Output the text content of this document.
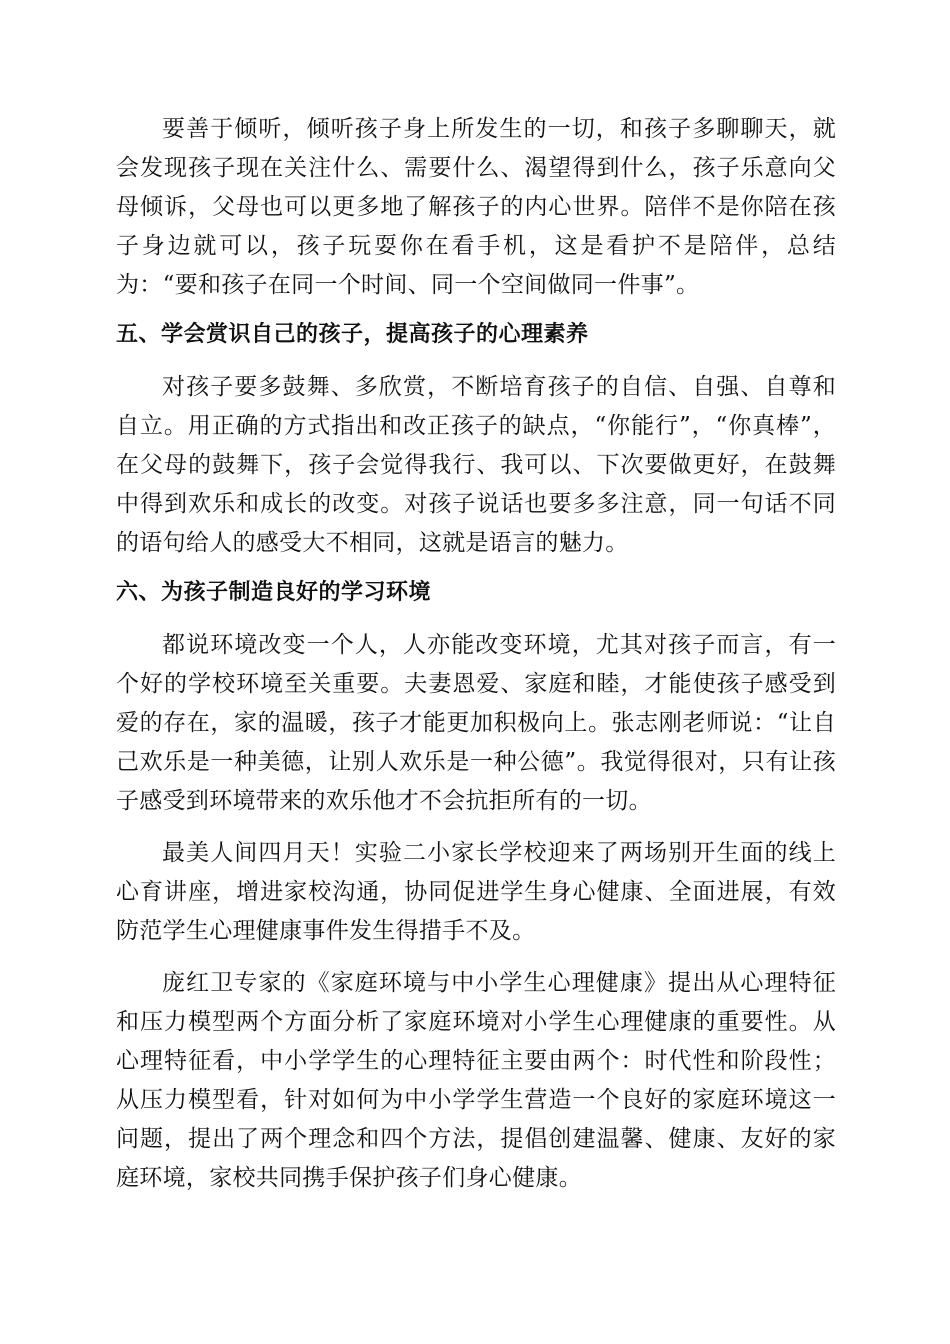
要善于倾听，倾听孩子身上所发生的一切，和孩子多聊聊天，就会发现孩子现在关注什么、需要什么、渴望得到什么，孩子乐意向父母倾诉，父母也可以更多地了解孩子的内心世界。陪伴不是你陪在孩子身边就可以，孩子玩耍你在看手机，这是看护不是陪伴，总结为：“要和孩子在同一个时间、同一个空间做同一件事”。

五、学会赏识自己的孩子，提高孩子的心理素养

对孩子要多鼓舞、多欣赏，不断培育孩子的自信、自强、自尊和自立。用正确的方式指出和改正孩子的缺点，“你能行”，“你真棒”，在父母的鼓舞下，孩子会觉得我行、我可以、下次要做更好，在鼓舞中得到欢乐和成长的改变。对孩子说话也要多多注意，同一句话不同的语句给人的感受大不相同，这就是语言的魅力。

六、为孩子制造良好的学习环境

都说环境改变一个人，人亦能改变环境，尤其对孩子而言，有一个好的学校环境至关重要。夫妻恩爱、家庭和睦，才能使孩子感受到爱的存在，家的温暖，孩子才能更加积极向上。张志刚老师说：“让自己欢乐是一种美德，让别人欢乐是一种公德”。我觉得很对，只有让孩子感受到环境带来的欢乐他才不会抗拒所有的一切。

最美人间四月天！实验二小家长学校迎来了两场别开生面的线上心育讲座，增进家校沟通，协同促进学生身心健康、全面进展，有效防范学生心理健康事件发生得措手不及。

庞红卫专家的《家庭环境与中小学生心理健康》提出从心理特征和压力模型两个方面分析了家庭环境对小学生心理健康的重要性。从心理特征看，中小学学生的心理特征主要由两个：时代性和阶段性；从压力模型看，针对如何为中小学学生营造一个良好的家庭环境这一问题，提出了两个理念和四个方法，提倡创建温馨、健康、友好的家庭环境，家校共同携手保护孩子们身心健康。
